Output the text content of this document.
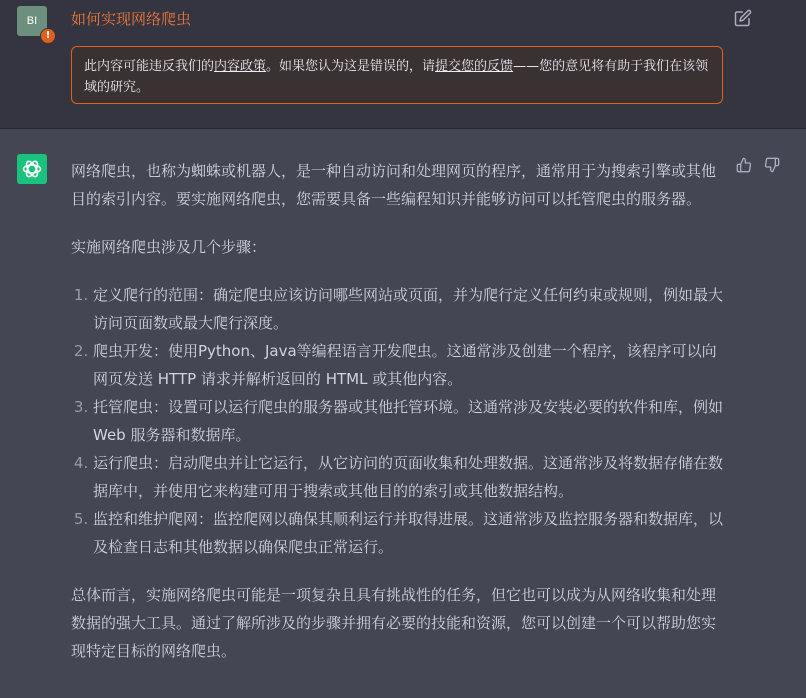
BI
!
如何实现网络爬虫
此内容可能违反我们的内容政策。如果您认为这是错误的，请提交您的反馈——您的意见将有助于我们在该领域的研究。

网络爬虫，也称为蜘蛛或机器人，是一种自动访问和处理网页的程序，通常用于为搜索引擎或其他目的索引内容。要实施网络爬虫，您需要具备一些编程知识并能够访问可以托管爬虫的服务器。

实施网络爬虫涉及几个步骤：

1. 定义爬行的范围：确定爬虫应该访问哪些网站或页面，并为爬行定义任何约束或规则，例如最大访问页面数或最大爬行深度。
2. 爬虫开发：使用Python、Java等编程语言开发爬虫。这通常涉及创建一个程序，该程序可以向网页发送 HTTP 请求并解析返回的 HTML 或其他内容。
3. 托管爬虫：设置可以运行爬虫的服务器或其他托管环境。这通常涉及安装必要的软件和库，例如 Web 服务器和数据库。
4. 运行爬虫：启动爬虫并让它运行，从它访问的页面收集和处理数据。这通常涉及将数据存储在数据库中，并使用它来构建可用于搜索或其他目的的索引或其他数据结构。
5. 监控和维护爬网：监控爬网以确保其顺利运行并取得进展。这通常涉及监控服务器和数据库，以及检查日志和其他数据以确保爬虫正常运行。

总体而言，实施网络爬虫可能是一项复杂且具有挑战性的任务，但它也可以成为从网络收集和处理数据的强大工具。通过了解所涉及的步骤并拥有必要的技能和资源，您可以创建一个可以帮助您实现特定目标的网络爬虫。
